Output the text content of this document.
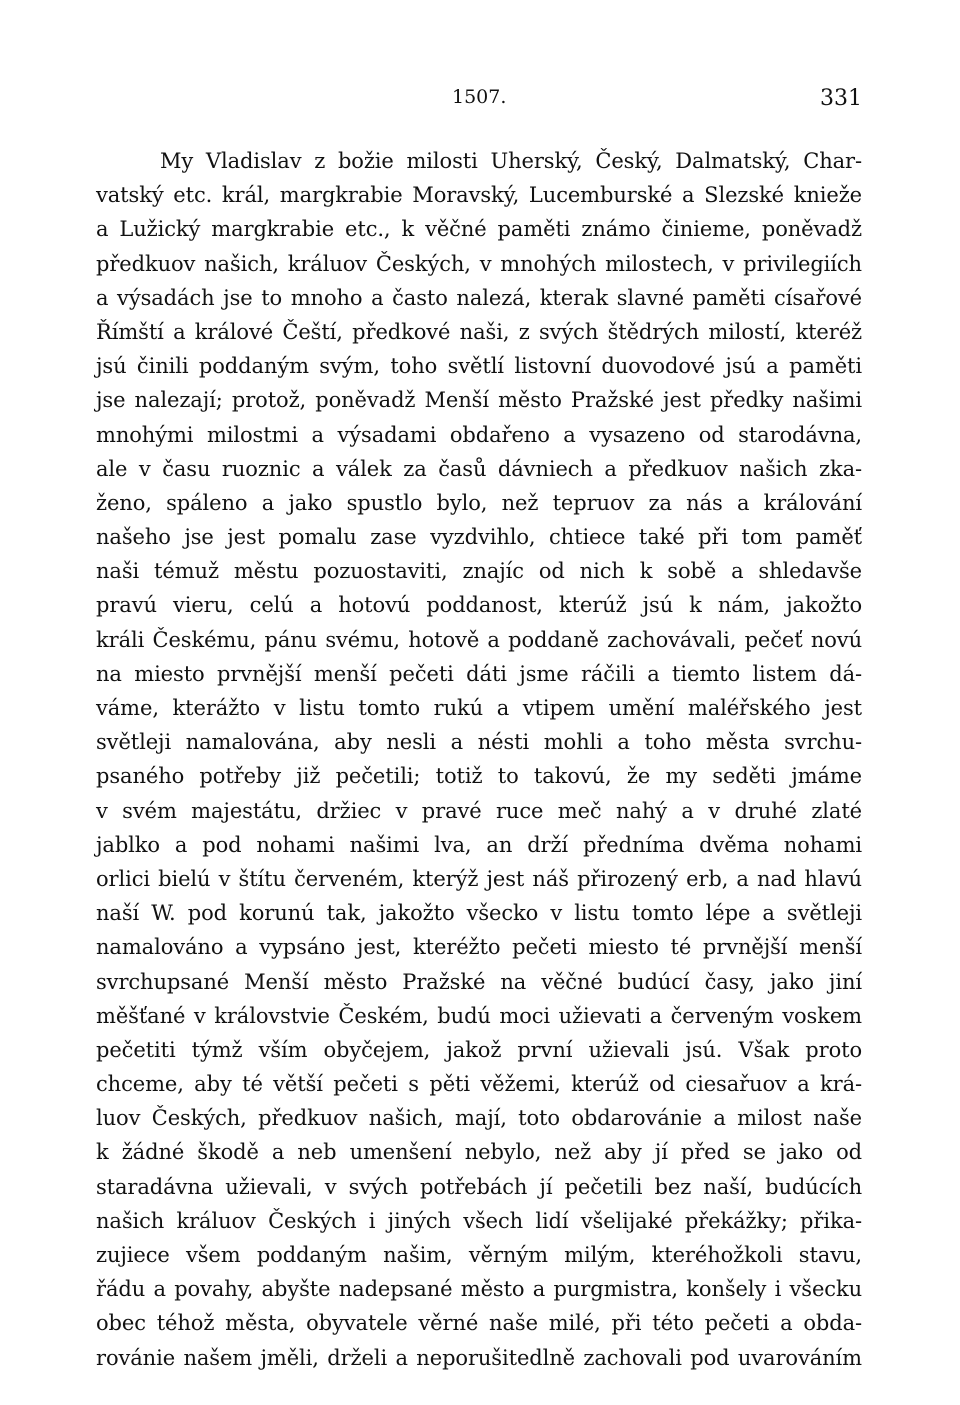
1507.	331
My Vladislav z božie milosti Uherský, Český, Dalmatský, Char-
vatský etc. král, margkrabie Moravský, Lucemburské a Slezské kniežе
a Lužický margkrabie etc., k věčné paměti známo činieme, poněvadž
předkuov našich, králuov Českých, v mnohých milostech, v privilegiích
a výsadách jse to mnoho a často nalezá, kterak slavné paměti císařové
Římští a králové Čeští, předkové naši, z svých štědrých milostí, kteréž
jsú činili poddaným svým, toho světlí listovní duovodové jsú a paměti
jse nalezají; protož, poněvadž Menší město Pražské jest předky našimi
mnohými milostmi a výsadami obdařeno a vysazeno od starodávna,
ale v času ruoznic a válek za časů dávniech a předkuov našich zka-
ženo, spáleno a jako spustlo bylo, než tepruov za nás a králování
našeho jse jest pomalu zase vyzdvihlo, chtiece také při tom paměť
naši témuž městu pozuostaviti, znajíc od nich k sobě a shledavše
pravú vieru, celú a hotovú poddanost, kterúž jsú k nám, jakožto
králi Českému, pánu svému, hotově a poddaně zachovávali, pečeť novú
na miesto prvnější menší pečeti dáti jsme ráčili a tiemto listem dá-
váme, kterážto v listu tomto rukú a vtipem umění maléřského jest
světleji namalována, aby nesli a nésti mohli a toho města svrchu-
psaného potřeby již pečetili; totiž to takovú, že my seděti jmáme
v svém majestátu, držiec v pravé ruce meč nahý a v druhé zlaté
jablko a pod nohami našimi lva, an drží předníma dvěma nohami
orlici bielú v štítu červeném, kterýž jest náš přirozený erb, a nad hlavú
naší W. pod korunú tak, jakožto všecko v listu tomto lépe a světleji
namalováno a vypsáno jest, kteréžto pečeti miesto té prvnější menší
svrchupsané Menší město Pražské na věčné budúcí časy, jako jiní
měšťané v královstvie Českém, budú moci užievati a červeným voskem
pečetiti týmž vším obyčejem, jakož první užievali jsú. Však proto
chceme, aby té větší pečeti s pěti věžemi, kterúž od ciesařuov a krá-
luov Českých, předkuov našich, mají, toto obdarovánie a milost naše
k žádné škodě a neb umenšení nebylo, než aby jí před se jako od
staradávna užievali, v svých potřebách jí pečetili bez naší, budúcích
našich králuov Českých i jiných všech lidí všelijaké překážky; přika-
zujiece všem poddaným našim, věrným milým, kteréhožkoli stavu,
řádu a povahy, abyšte nadepsané město a purgmistra, konšely i všecku
obec téhož města, obyvatele věrné naše milé, při této pečeti a obda-
rovánie našem jměli, drželi a neporušitedlně zachovali pod uvarováním
